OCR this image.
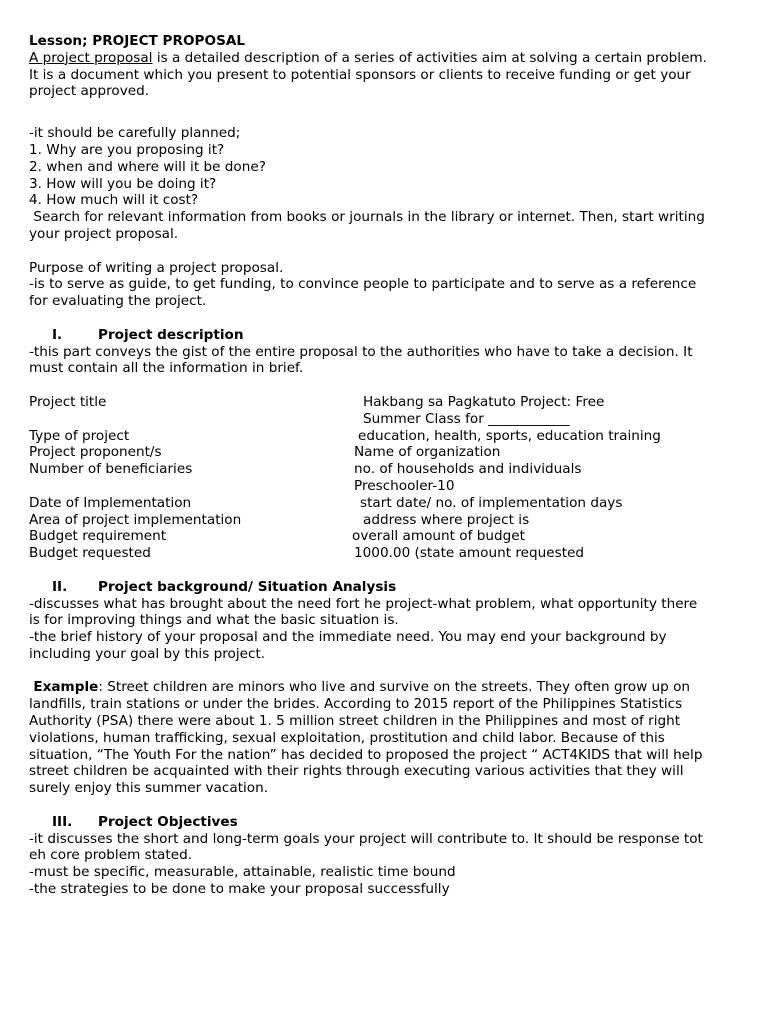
Lesson; PROJECT PROPOSAL
A project proposal is a detailed description of a series of activities aim at solving a certain problem.
It is a document which you present to potential sponsors or clients to receive funding or get your
project approved.
-it should be carefully planned;
1. Why are you proposing it?
2. when and where will it be done?
3. How will you be doing it?
4. How much will it cost?
Search for relevant information from books or journals in the library or internet. Then, start writing
your project proposal.
Purpose of writing a project proposal.
-is to serve as guide, to get funding, to convince people to participate and to serve as a reference
for evaluating the project.
I.	Project description
-this part conveys the gist of the entire proposal to the authorities who have to take a decision. It
must contain all the information in brief.
Project title	Hakbang sa Pagkatuto Project: Free
Summer Class for ____________
Type of project	education, health, sports, education training
Project proponent/s	Name of organization
Number of beneficiaries	no. of households and individuals
Preschooler-10
Date of Implementation	start date/ no. of implementation days
Area of project implementation	address where project is
Budget requirement	overall amount of budget
Budget requested	1000.00 (state amount requested
II.	Project background/ Situation Analysis
-discusses what has brought about the need fort he project-what problem, what opportunity there
is for improving things and what the basic situation is.
-the brief history of your proposal and the immediate need. You may end your background by
including your goal by this project.
Example: Street children are minors who live and survive on the streets. They often grow up on
landfills, train stations or under the brides. According to 2015 report of the Philippines Statistics
Authority (PSA) there were about 1. 5 million street children in the Philippines and most of right
violations, human trafficking, sexual exploitation, prostitution and child labor. Because of this
situation, “The Youth For the nation” has decided to proposed the project “ ACT4KIDS that will help
street children be acquainted with their rights through executing various activities that they will
surely enjoy this summer vacation.
III.	Project Objectives
-it discusses the short and long-term goals your project will contribute to. It should be response tot
eh core problem stated.
-must be specific, measurable, attainable, realistic time bound
-the strategies to be done to make your proposal successfully
